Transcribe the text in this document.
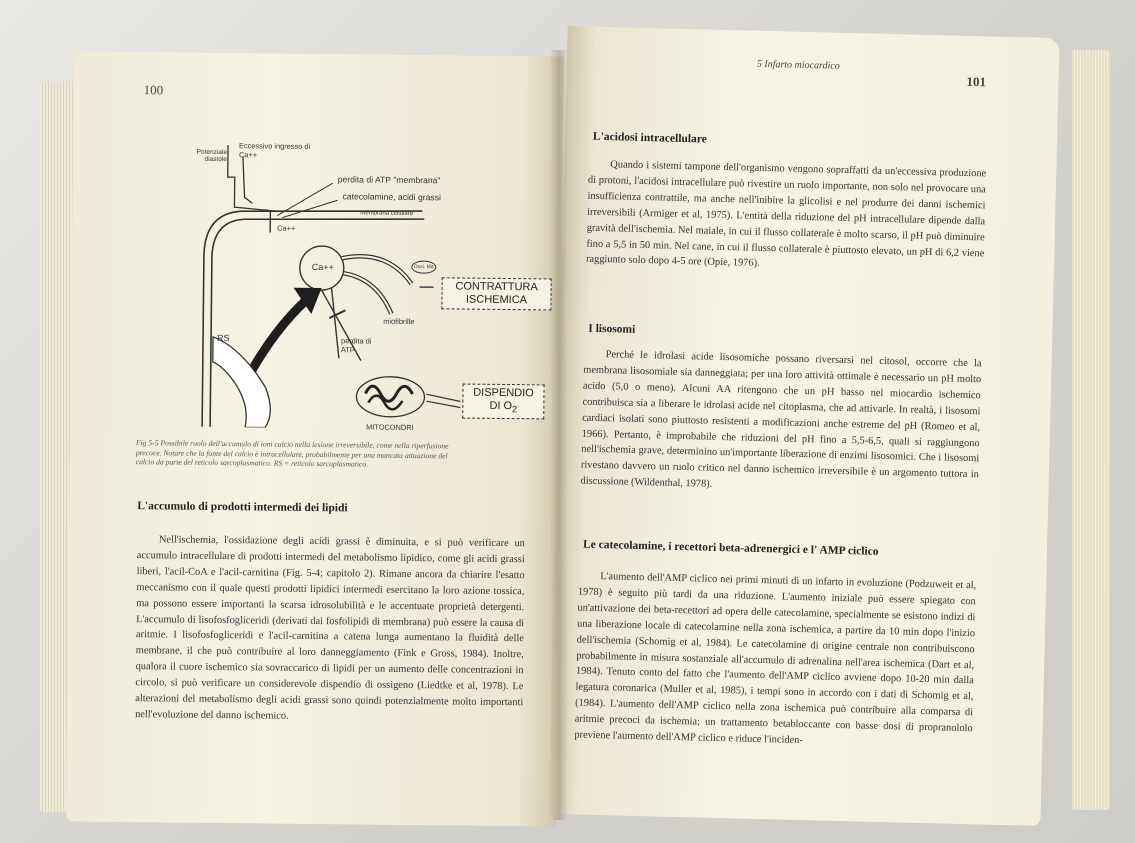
100
Potenziale diastole
Eccessivo ingresso di Ca++
perdita di ATP "membrana"
catecolamine, acidi grassi
membrana cellulare
Ca++
Ca++	Ossi. Mit.
miofibrille
RS	perdita di ATP
MITOCONDRI
CONTRATTURA ISCHEMICA
DISPENDIO
DI $O_2$

Fig 5-5 Possibile ruolo dell'accumulo di ioni calcio nella lesione irreversibile, come nella riperfusione precoce. Notare che la fonte del calcio è intracellulare, probabilmente per una mancata attuazione del calcio da parte del reticolo sarcoplasmatico. RS = reticolo sarcoplasmatico.

L'accumulo di prodotti intermedi dei lipidi

Nell'ischemia, l'ossidazione degli acidi grassi è diminuita, e si può verificare un accumulo intracellulare di prodotti intermedi del metabolismo lipidico, come gli acidi grassi liberi, l'acil-CoA e l'acil-carnitina (Fig. 5-4; capitolo 2). Rimane ancora da chiarire l'esatto meccanismo con il quale questi prodotti lipidici intermedi esercitano la loro azione tossica, ma possono essere importanti la scarsa idrosolubilità e le accentuate proprietà detergenti. L'accumulo di lisofosfogliceridi (derivati dai fosfolipidi di membrana) può essere la causa di aritmie. I lisofosfogliceridi e l'acil-carnitina a catena lunga aumentano la fluidità delle membrane, il che può contribuire al loro danneggiamento (Fink e Gross, 1984). Inoltre, qualora il cuore ischemico sia sovraccarico di lipidi per un aumento delle concentrazioni in circolo, si può verificare un considerevole dispendio di ossigeno (Liedtke et al, 1978). Le alterazioni del metabolismo degli acidi grassi sono quindi potenzialmente molto importanti nell'evoluzione del danno ischemico.

5 Infarto miocardico
101
L'acidosi intracellulare

Quando i sistemi tampone dell'organismo vengono sopraffatti da un'eccessiva produzione di protoni, l'acidosi intracellulare può rivestire un ruolo importante, non solo nel provocare una insufficienza contrattile, ma anche nell'inibire la glicolisi e nel produrre dei danni ischemici irreversibili (Armiger et al, 1975). L'entità della riduzione del pH intracellulare dipende dalla gravità dell'ischemia. Nel maiale, in cui il flusso collaterale è molto scarso, il pH può diminuire fino a 5,5 in 50 min. Nel cane, in cui il flusso collaterale è piuttosto elevato, un pH di 6,2 viene raggiunto solo dopo 4-5 ore (Opie, 1976).

I lisosomi

Perché le idrolasi acide lisosomiche possano riversarsi nel citosol, occorre che la membrana lisosomiale sia danneggiata; per una loro attività ottimale è necessario un pH molto acido (5,0 o meno). Alcuni AA ritengono che un pH basso nel miocardio ischemico contribuisca sia a liberare le idrolasi acide nel citoplasma, che ad attivarle. In realtà, i lisosomi cardiaci isolati sono piuttosto resistenti a modificazioni anche estreme del pH (Romeo et al, 1966). Pertanto, è improbabile che riduzioni del pH fino a 5,5-6,5, quali si raggiungono nell'ischemia grave, determinino un'importante liberazione di enzimi lisosomici. Che i lisosomi rivestano davvero un ruolo critico nel danno ischemico irreversibile è un argomento tuttora in discussione (Wildenthal, 1978).

Le catecolamine, i recettori beta-adrenergici e l' AMP ciclico

L'aumento dell'AMP ciclico nei primi minuti di un infarto in evoluzione (Podzuweit et al, 1978) è seguito più tardi da una riduzione. L'aumento iniziale può essere spiegato con un'attivazione dei beta-recettori ad opera delle catecolamine, specialmente se esistono indizi di una liberazione locale di catecolamine nella zona ischemica, a partire da 10 min dopo l'inizio dell'ischemia (Schomig et al, 1984). Le catecolamine di origine centrale non contribuiscono probabilmente in misura sostanziale all'accumulo di adrenalina nell'area ischemica (Dart et al, 1984). Tenuto conto del fatto che l'aumento dell'AMP ciclico avviene dopo 10-20 min dalla legatura coronarica (Muller et al, 1985), i tempi sono in accordo con i dati di Schomig et al, (1984). L'aumento dell'AMP ciclico nella zona ischemica può contribuire alla comparsa di aritmie precoci da ischemia; un trattamento betabloccante con basse dosi di propranololo previene l'aumento dell'AMP ciclico e riduce l'inciden-
